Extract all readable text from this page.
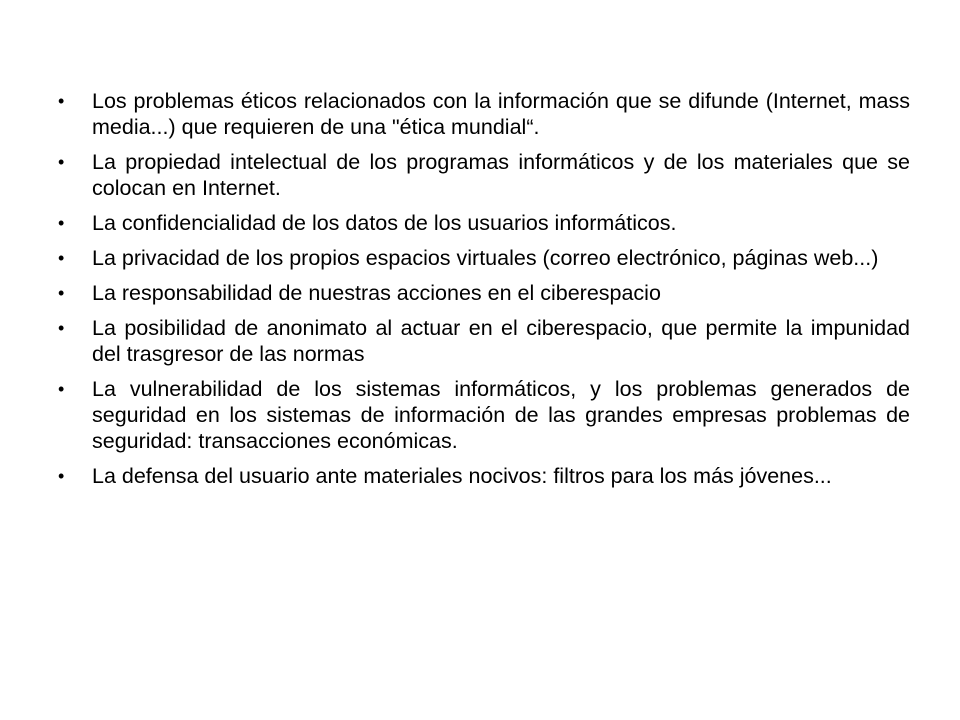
•	Los problemas éticos relacionados con la información que se difunde (Internet, mass media...) que requieren de una "ética mundial“.
•	La propiedad intelectual de los programas informáticos y de los materiales que se colocan en Internet.
•	La confidencialidad de los datos de los usuarios informáticos.
•	La privacidad de los propios espacios virtuales (correo electrónico, páginas web...)
•	La responsabilidad de nuestras acciones en el ciberespacio
•	La posibilidad de anonimato al actuar en el ciberespacio, que permite la impunidad del trasgresor de las normas
•	La vulnerabilidad de los sistemas informáticos, y los problemas generados de seguridad en los sistemas de información de las grandes empresas problemas de seguridad: transacciones económicas.
•	La defensa del usuario ante materiales nocivos: filtros para los más jóvenes...
